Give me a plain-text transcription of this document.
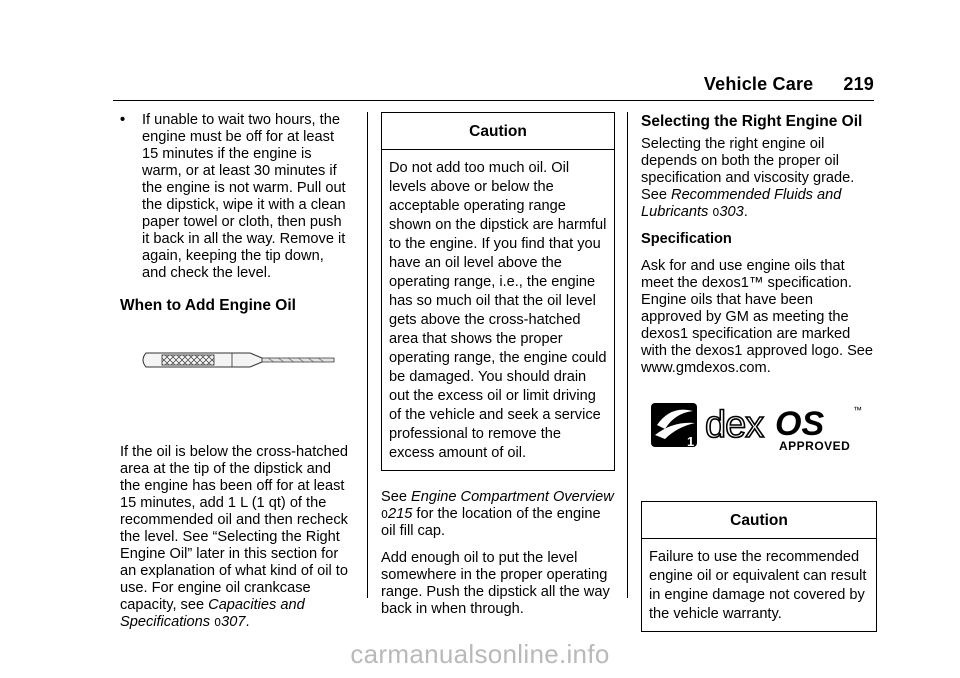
Vehicle Care 219
•	If unable to wait two hours, the engine must be off for at least 15 minutes if the engine is warm, or at least 30 minutes if the engine is not warm. Pull out the dipstick, wipe it with a clean paper towel or cloth, then push it back in all the way. Remove it again, keeping the tip down, and check the level.
When to Add Engine Oil

If the oil is below the cross-hatched area at the tip of the dipstick and the engine has been off for at least 15 minutes, add 1 L (1 qt) of the recommended oil and then recheck the level. See “Selecting the Right Engine Oil” later in this section for an explanation of what kind of oil to use. For engine oil crankcase capacity, see Capacities and Specifications 0307.

Caution
Do not add too much oil. Oil levels above or below the acceptable operating range shown on the dipstick are harmful to the engine. If you find that you have an oil level above the operating range, i.e., the engine has so much oil that the oil level gets above the cross-hatched area that shows the proper operating range, the engine could be damaged. You should drain out the excess oil or limit driving of the vehicle and seek a service professional to remove the excess amount of oil.

See Engine Compartment Overview 0215 for the location of the engine oil fill cap.

Add enough oil to put the level somewhere in the proper operating range. Push the dipstick all the way back in when through.

Selecting the Right Engine Oil

Selecting the right engine oil depends on both the proper oil specification and viscosity grade. See Recommended Fluids and Lubricants 0303.

Specification

Ask for and use engine oils that meet the dexos1™ specification. Engine oils that have been approved by GM as meeting the dexos1 specification are marked with the dexos1 approved logo. See www.gmdexos.com.

1 dex OS	™
APPROVED
Caution
Failure to use the recommended engine oil or equivalent can result in engine damage not covered by the vehicle warranty.
carmanualsonline.info
